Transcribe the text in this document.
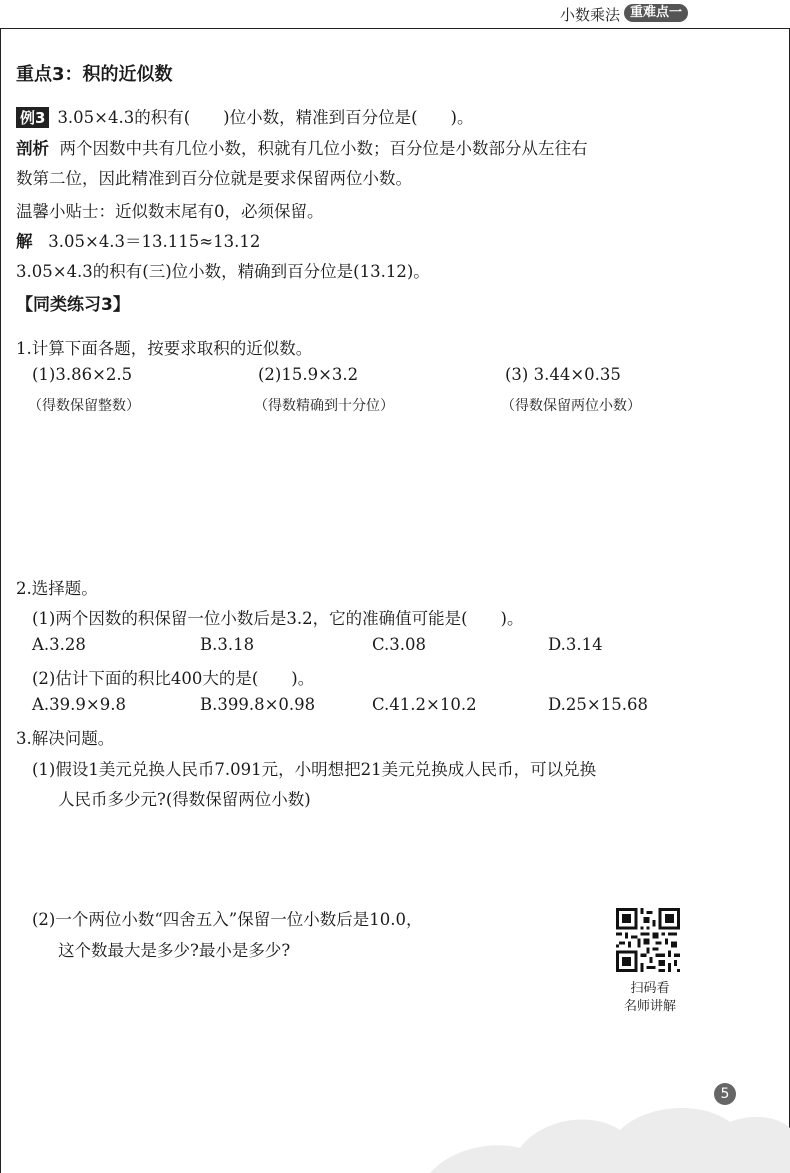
小数乘法 重难点一
重点3：积的近似数
例3 3.05×4.3的积有(　　)位小数，精准到百分位是(　　)。
剖析 两个因数中共有几位小数，积就有几位小数；百分位是小数部分从左往右
数第二位，因此精准到百分位就是要求保留两位小数。
温馨小贴士：近似数末尾有0，必须保留。
解 3.05×4.3＝13.115≈13.12
3.05×4.3的积有(三)位小数，精确到百分位是(13.12)。
【同类练习3】
1.计算下面各题，按要求取积的近似数。
(1)3.86×2.5	(2)15.9×3.2	(3) 3.44×0.35
（得数保留整数）	（得数精确到十分位）	（得数保留两位小数）
2.选择题。
(1)两个因数的积保留一位小数后是3.2，它的准确值可能是(　　)。
A.3.28	B.3.18	C.3.08	D.3.14
(2)估计下面的积比400大的是(　　)。
A.39.9×9.8	B.399.8×0.98	C.41.2×10.2	D.25×15.68
3.解决问题。
(1)假设1美元兑换人民币7.091元，小明想把21美元兑换成人民币，可以兑换
人民币多少元?(得数保留两位小数)
(2)一个两位小数“四舍五入”保留一位小数后是10.0，
这个数最大是多少?最小是多少?
扫码看
名师讲解
5
